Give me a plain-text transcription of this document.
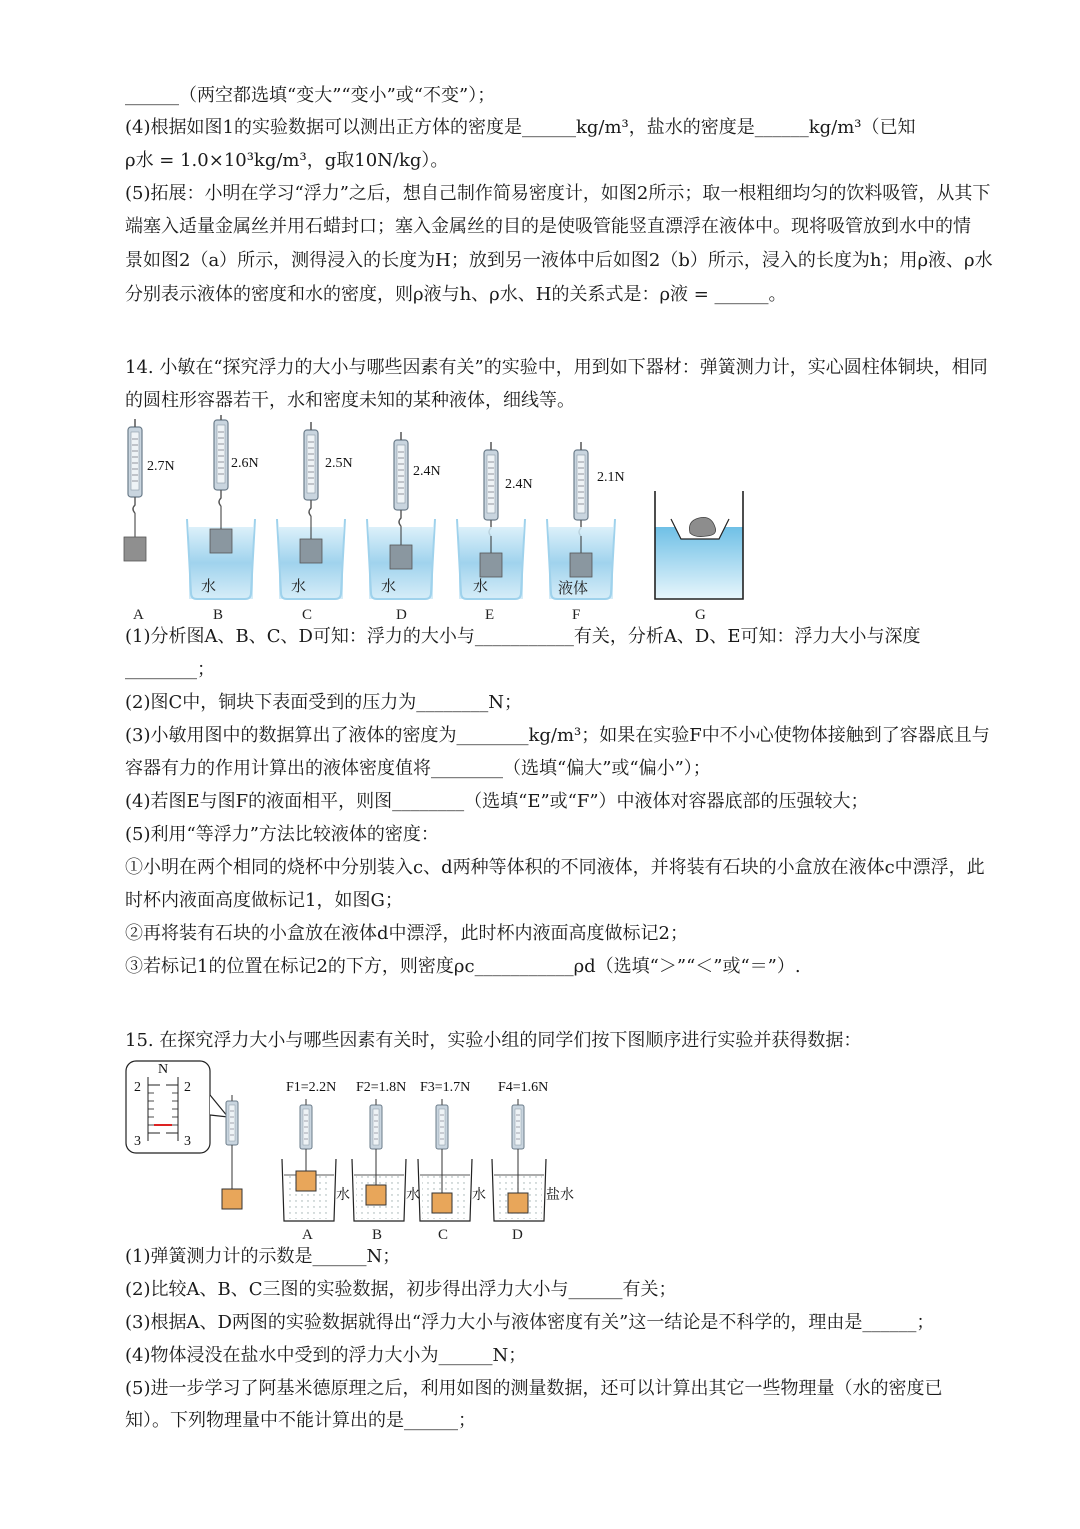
______（两空都选填“变大”“变小”或“不变”）；
(4)根据如图1的实验数据可以测出正方体的密度是______kg/m³，盐水的密度是______kg/m³（已知
ρ水 = 1.0×10³kg/m³，g取10N/kg）。
(5)拓展：小明在学习“浮力”之后，想自己制作简易密度计，如图2所示；取一根粗细均匀的饮料吸管，从其下
端塞入适量金属丝并用石蜡封口；塞入金属丝的目的是使吸管能竖直漂浮在液体中。现将吸管放到水中的情
景如图2（a）所示，测得浸入的长度为H；放到另一液体中后如图2（b）所示，浸入的长度为h；用ρ液、ρ水
分别表示液体的密度和水的密度，则ρ液与h、ρ水、H的关系式是：ρ液 = ______。
14. 小敏在“探究浮力的大小与哪些因素有关”的实验中，用到如下器材：弹簧测力计，实心圆柱体铜块，相同
的圆柱形容器若干，水和密度未知的某种液体，细线等。
2.7N	2.6N
水
2.5N
水
2.4N
水
2.4N
水
2.1N
液体
A	B	C	D	E	F	G
(1)分析图A、B、C、D可知：浮力的大小与___________有关，分析A、D、E可知：浮力大小与深度
________；
(2)图C中，铜块下表面受到的压力为________N；
(3)小敏用图中的数据算出了液体的密度为________kg/m³；如果在实验F中不小心使物体接触到了容器底且与
容器有力的作用计算出的液体密度值将________（选填“偏大”或“偏小”）；
(4)若图E与图F的液面相平，则图________（选填“E”或“F”）中液体对容器底部的压强较大；
(5)利用“等浮力”方法比较液体的密度：
①小明在两个相同的烧杯中分别装入c、d两种等体积的不同液体，并将装有石块的小盒放在液体c中漂浮，此
时杯内液面高度做标记1，如图G；
②再将装有石块的小盒放在液体d中漂浮，此时杯内液面高度做标记2；
③若标记1的位置在标记2的下方，则密度ρc___________ρd（选填“＞”“＜”或“＝”）.
15. 在探究浮力大小与哪些因素有关时，实验小组的同学们按下图顺序进行实验并获得数据：
N
2	2
3	3
F1=2.2N
水
A
F2=1.8N
水
B
F3=1.7N
水
C
F4=1.6N
盐水
D
(1)弹簧测力计的示数是______N；
(2)比较A、B、C三图的实验数据，初步得出浮力大小与______有关；
(3)根据A、D两图的实验数据就得出“浮力大小与液体密度有关”这一结论是不科学的，理由是______；
(4)物体浸没在盐水中受到的浮力大小为______N；
(5)进一步学习了阿基米德原理之后，利用如图的测量数据，还可以计算出其它一些物理量（水的密度已
知）。下列物理量中不能计算出的是______；
